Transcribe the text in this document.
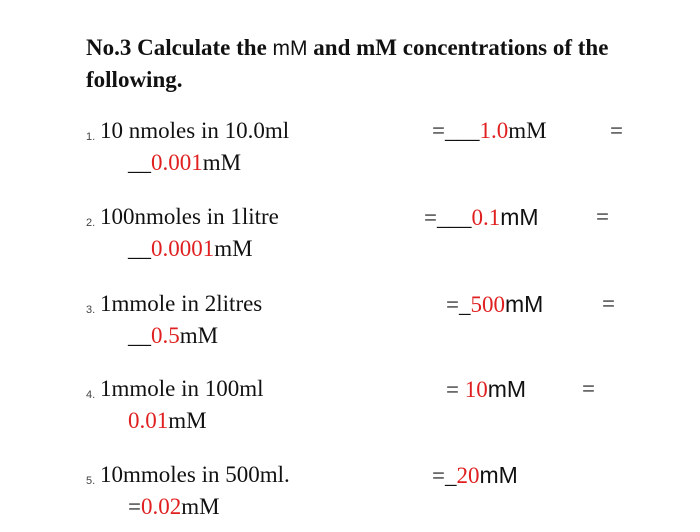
No.3 Calculate the mM and mM concentrations of the following.
1. 10 nmoles in 10.0ml	=___1.0mM	=
__0.001mM
2. 100nmoles in 1litre	=___0.1mM =
__0.0001mM
3. 1mmole in 2litres	=_500mM	=
__0.5mM
4. 1mmole in 100ml	= 10mM =
0.01mM
5. 10mmoles in 500ml.	=_20mM
=0.02mM
